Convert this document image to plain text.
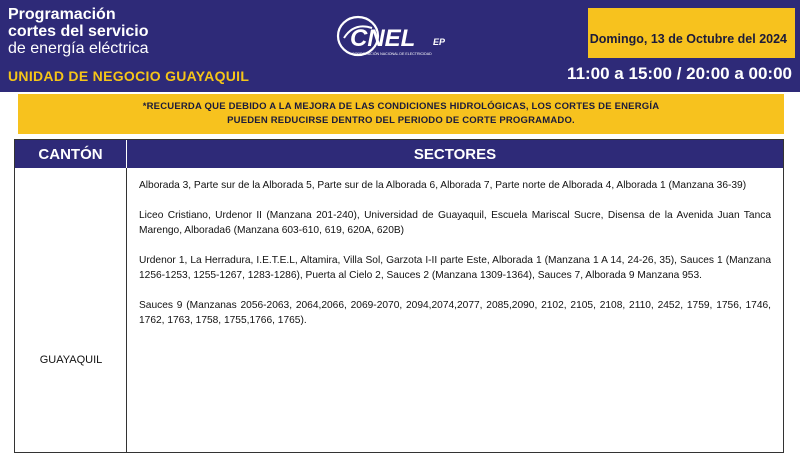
Programación
cortes del servicio
de energía eléctrica
UNIDAD DE NEGOCIO GUAYAQUIL
CNEL EP
CORPORACIÓN NACIONAL DE ELECTRICIDAD
Domingo, 13 de Octubre del 2024
11:00 a 15:00 / 20:00 a 00:00
*RECUERDA QUE DEBIDO A LA MEJORA DE LAS CONDICIONES HIDROLÓGICAS, LOS CORTES DE ENERGÍA
PUEDEN REDUCIRSE DENTRO DEL PERIODO DE CORTE PROGRAMADO.
CANTÓN	SECTORES
GUAYAQUIL

Alborada 3, Parte sur de la Alborada 5, Parte sur de la Alborada 6, Alborada 7, Parte norte de Alborada 4, Alborada 1 (Manzana 36-39)

Liceo Cristiano, Urdenor II (Manzana 201-240), Universidad de Guayaquil, Escuela Mariscal Sucre, Disensa de la Avenida Juan Tanca Marengo, Alborada6 (Manzana 603-610, 619, 620A, 620B)

Urdenor 1, La Herradura, I.E.T.E.L, Altamira, Villa Sol, Garzota I-II parte Este, Alborada 1 (Manzana 1 A 14, 24-26, 35), Sauces 1 (Manzana 1256-1253, 1255-1267, 1283-1286), Puerta al Cielo 2, Sauces 2 (Manzana 1309-1364), Sauces 7, Alborada 9 Manzana 953.

Sauces 9 (Manzanas 2056-2063, 2064,2066, 2069-2070, 2094,2074,2077, 2085,2090, 2102, 2105, 2108, 2110, 2452, 1759, 1756, 1746, 1762, 1763, 1758, 1755,1766, 1765).
